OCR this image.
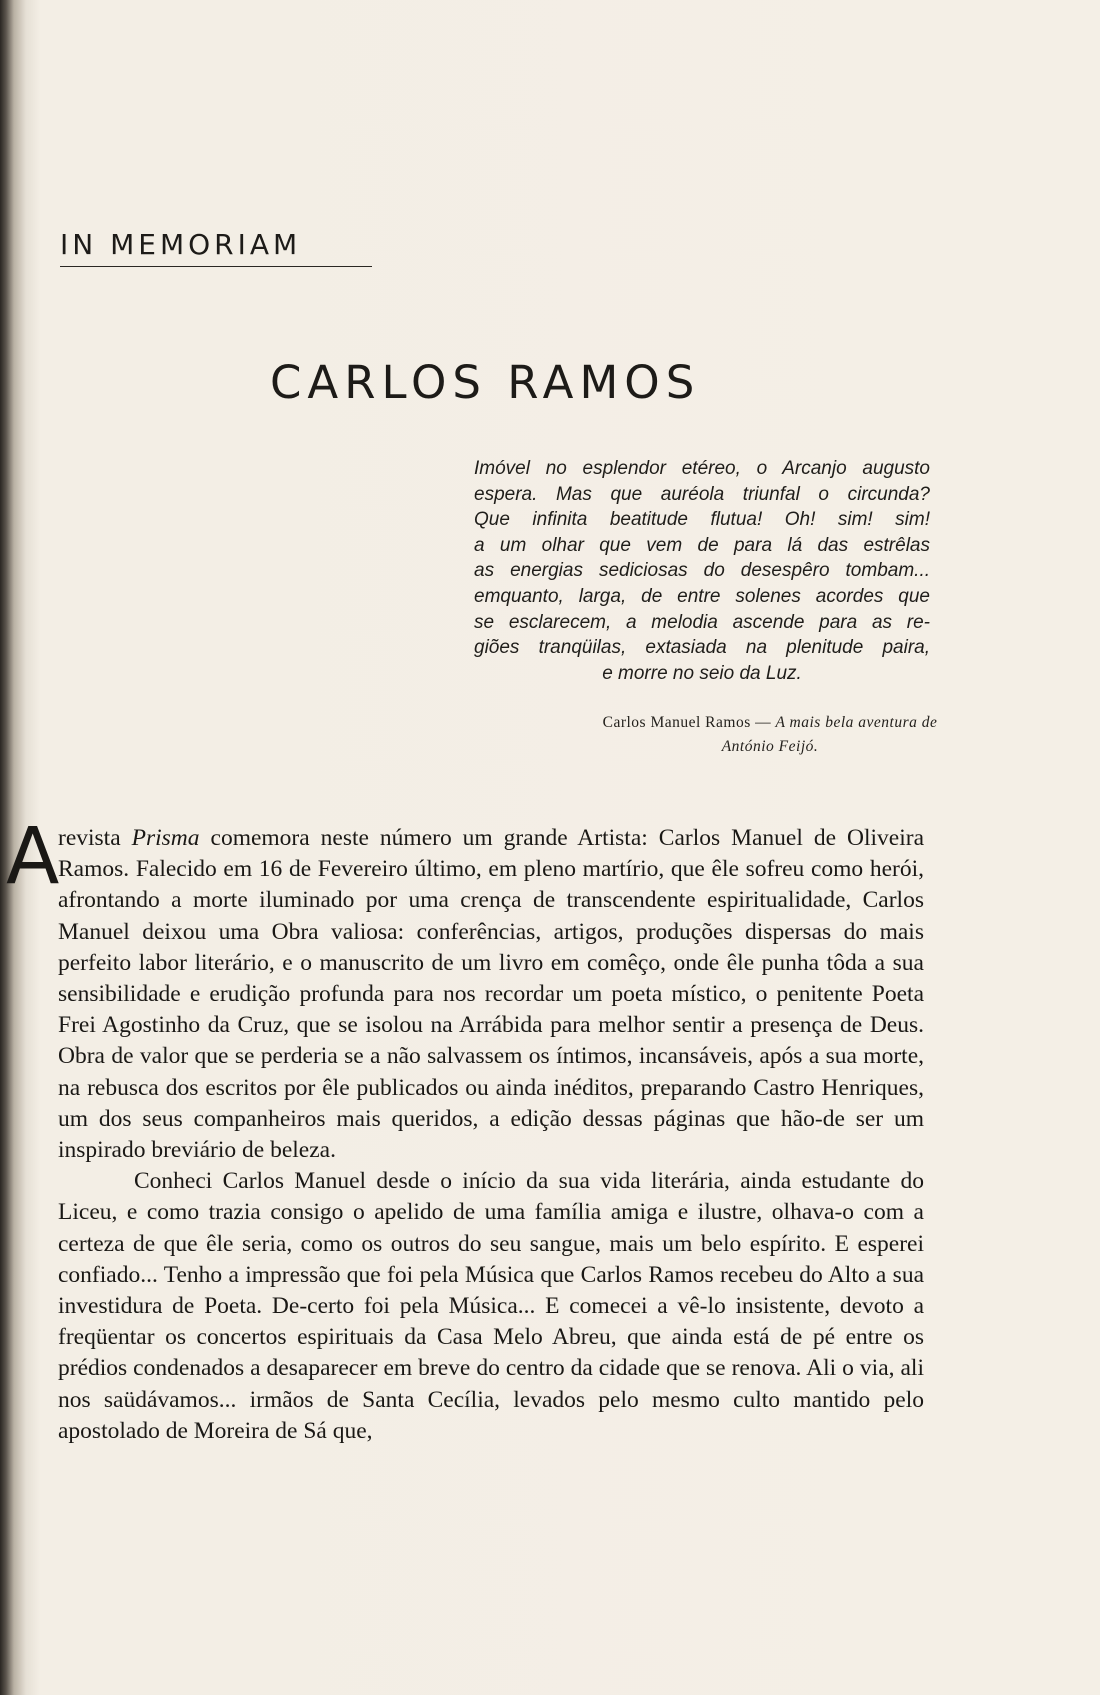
IN MEMORIAM
CARLOS RAMOS
Imóvel no esplendor etéreo, o Arcanjo augusto
espera. Mas que auréola triunfal o circunda?
Que infinita beatitude flutua! Oh! sim! sim!
a um olhar que vem de para lá das estrêlas
as energias sediciosas do desespêro tombam...
emquanto, larga, de entre solenes acordes que
se esclarecem, a melodia ascende para as re-
giões tranqüilas, extasiada na plenitude paira,
e morre no seio da Luz.

Carlos Manuel Ramos — A mais bela aventura de António Feijó.

A
revista Prisma comemora neste número um grande Artista: Carlos Manuel de Oliveira Ramos. Falecido em 16 de Fevereiro último, em pleno martírio, que êle sofreu como herói, afrontando a morte iluminado por uma crença de transcendente espiritualidade, Carlos Manuel deixou uma Obra valiosa: conferências, artigos, produções dispersas do mais perfeito labor literário, e o manuscrito de um livro em comêço, onde êle punha tôda a sua sensibilidade e erudição profunda para nos recordar um poeta místico, o penitente Poeta Frei Agostinho da Cruz, que se isolou na Arrábida para melhor sentir a presença de Deus. Obra de valor que se perderia se a não salvassem os íntimos, incansáveis, após a sua morte, na rebusca dos escritos por êle publicados ou ainda inéditos, preparando Castro Henriques, um dos seus companheiros mais queridos, a edição dessas páginas que hão-de ser um inspirado breviário de beleza.

Conheci Carlos Manuel desde o início da sua vida literária, ainda estudante do Liceu, e como trazia consigo o apelido de uma família amiga e ilustre, olhava-o com a certeza de que êle seria, como os outros do seu sangue, mais um belo espírito. E esperei confiado... Tenho a impressão que foi pela Música que Carlos Ramos recebeu do Alto a sua investidura de Poeta. De-certo foi pela Música... E comecei a vê-lo insistente, devoto a freqüentar os concertos espirituais da Casa Melo Abreu, que ainda está de pé entre os prédios condenados a desaparecer em breve do centro da cidade que se renova. Ali o via, ali nos saüdávamos... irmãos de Santa Cecília, levados pelo mesmo culto mantido pelo apostolado de Moreira de Sá que,
